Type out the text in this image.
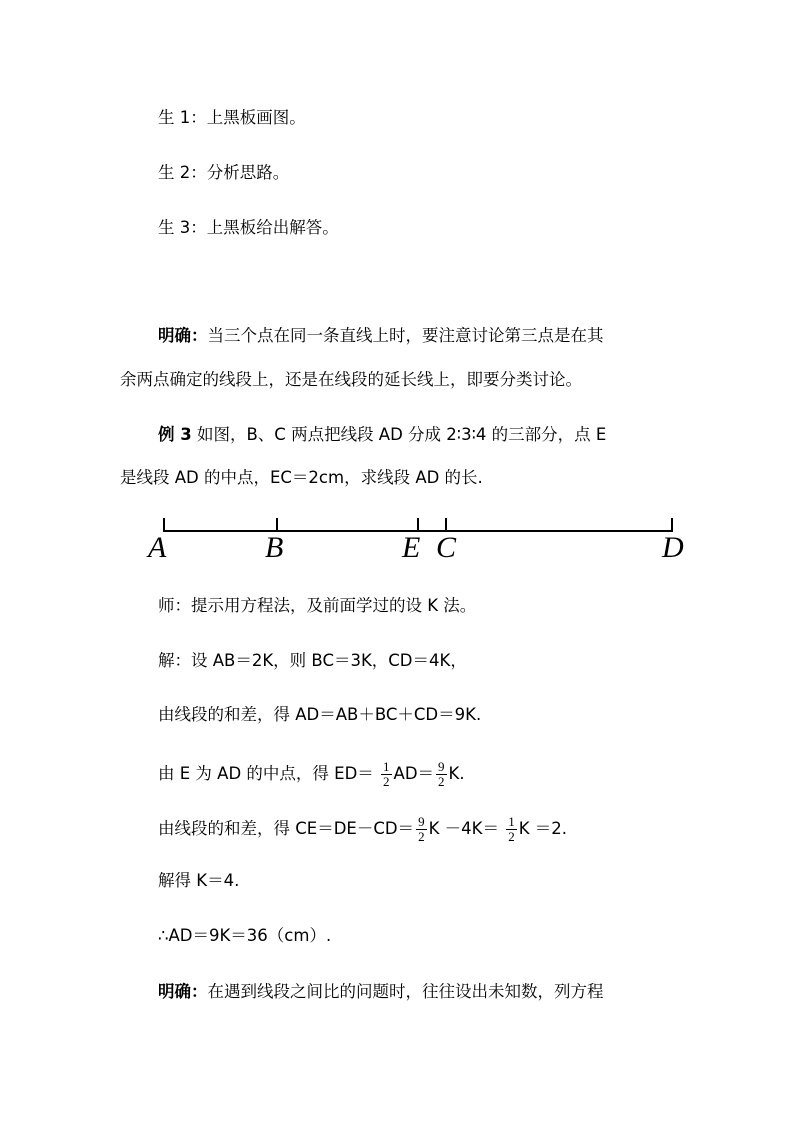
生 1：上黑板画图。
生 2：分析思路。
生 3：上黑板给出解答。
明确：当三个点在同一条直线上时，要注意讨论第三点是在其
余两点确定的线段上，还是在线段的延长线上，即要分类讨论。
例 3 如图，B、C 两点把线段 AD 分成 2∶3∶4 的三部分，点 E
是线段 AD 的中点，EC＝2cm，求线段 AD 的长.
A	B	E C	D
师：提示用方程法，及前面学过的设 K 法。
解：设 AB＝2K，则 BC＝3K，CD＝4K，
由线段的和差，得 AD＝AB＋BC＋CD＝9K.
由 E 为 AD 的中点，得 $ED= \frac{1}{2} AD= \frac{9}{2} K$.
由线段的和差，得 $CE=DE-CD= \frac{9}{2}$ $K -4K= \frac{1}{2}$ K ＝2.
解得 K＝4.
∴AD＝9K＝36（cm）.
明确：在遇到线段之间比的问题时，往往设出未知数，列方程
